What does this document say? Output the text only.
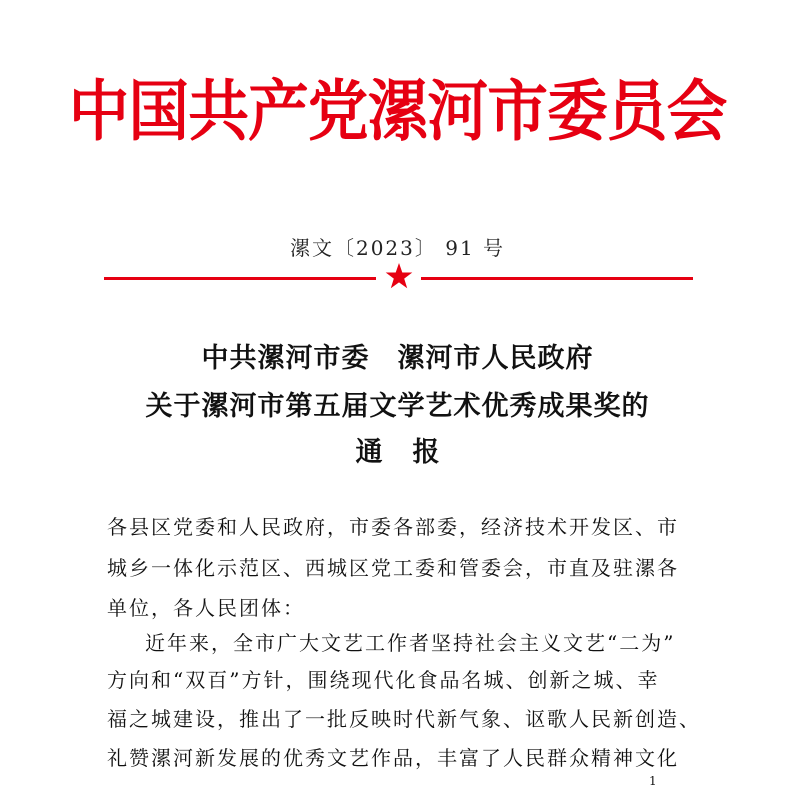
中国共产党漯河市委员会
漯文〔2023〕 91 号
中共漯河市委　漯河市人民政府
关于漯河市第五届文学艺术优秀成果奖的
通报
各县区党委和人民政府，市委各部委，经济技术开发区、市
城乡一体化示范区、西城区党工委和管委会，市直及驻漯各
单位，各人民团体：
近年来，全市广大文艺工作者坚持社会主义文艺“二为”
方向和“双百”方针，围绕现代化食品名城、创新之城、幸
福之城建设，推出了一批反映时代新气象、讴歌人民新创造、
礼赞漯河新发展的优秀文艺作品，丰富了人民群众精神文化
1
